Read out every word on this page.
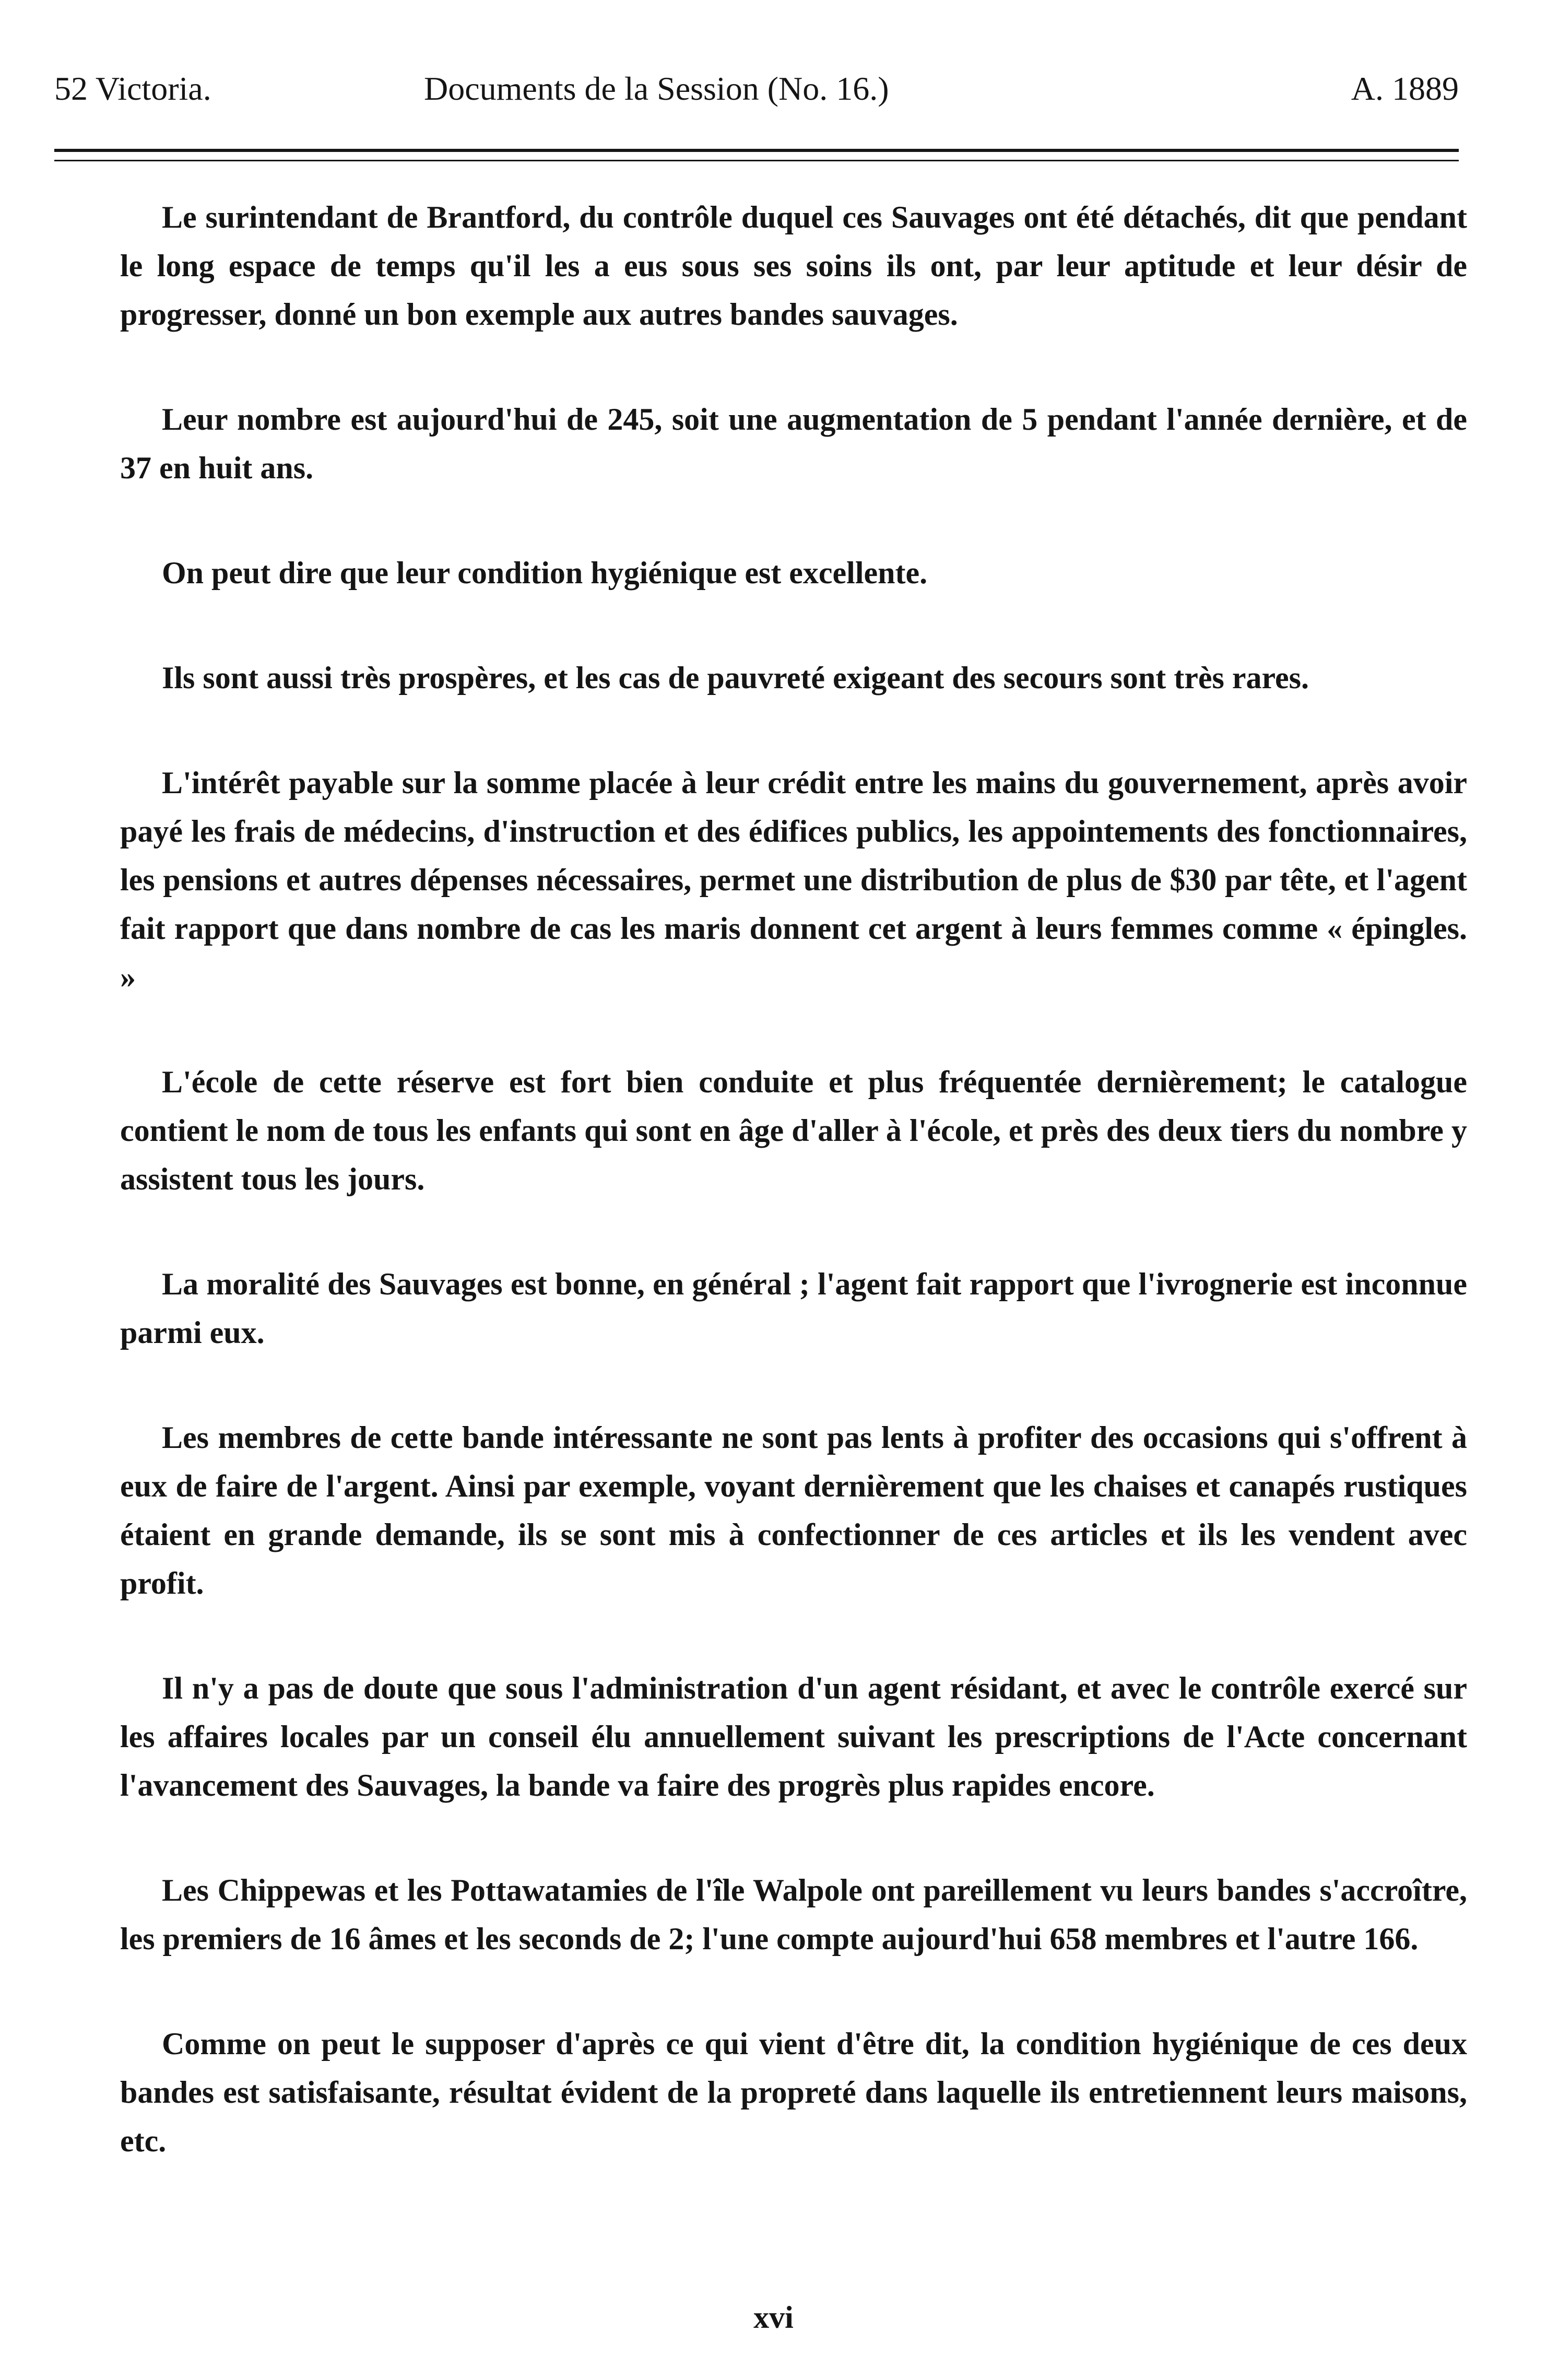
52 Victoria.	Documents de la Session (No. 16.)	A. 1889

Le surintendant de Brantford, du contrôle duquel ces Sauvages ont été détachés, dit que pendant le long espace de temps qu'il les a eus sous ses soins ils ont, par leur aptitude et leur désir de progresser, donné un bon exemple aux autres bandes sauvages.

Leur nombre est aujourd'hui de 245, soit une augmentation de 5 pendant l'année dernière, et de 37 en huit ans.

On peut dire que leur condition hygiénique est excellente.

Ils sont aussi très prospères, et les cas de pauvreté exigeant des secours sont très rares.

L'intérêt payable sur la somme placée à leur crédit entre les mains du gouvernement, après avoir payé les frais de médecins, d'instruction et des édifices publics, les appointements des fonctionnaires, les pensions et autres dépenses nécessaires, permet une distribution de plus de $30 par tête, et l'agent fait rapport que dans nombre de cas les maris donnent cet argent à leurs femmes comme « épingles. »

L'école de cette réserve est fort bien conduite et plus fréquentée dernièrement; le catalogue contient le nom de tous les enfants qui sont en âge d'aller à l'école, et près des deux tiers du nombre y assistent tous les jours.

La moralité des Sauvages est bonne, en général ; l'agent fait rapport que l'ivrognerie est inconnue parmi eux.

Les membres de cette bande intéressante ne sont pas lents à profiter des occasions qui s'offrent à eux de faire de l'argent. Ainsi par exemple, voyant dernièrement que les chaises et canapés rustiques étaient en grande demande, ils se sont mis à confectionner de ces articles et ils les vendent avec profit.

Il n'y a pas de doute que sous l'administration d'un agent résidant, et avec le contrôle exercé sur les affaires locales par un conseil élu annuellement suivant les prescriptions de l'Acte concernant l'avancement des Sauvages, la bande va faire des progrès plus rapides encore.

Les Chippewas et les Pottawatamies de l'île Walpole ont pareillement vu leurs bandes s'accroître, les premiers de 16 âmes et les seconds de 2; l'une compte aujourd'hui 658 membres et l'autre 166.

Comme on peut le supposer d'après ce qui vient d'être dit, la condition hygiénique de ces deux bandes est satisfaisante, résultat évident de la propreté dans laquelle ils entretiennent leurs maisons, etc.

xvi
